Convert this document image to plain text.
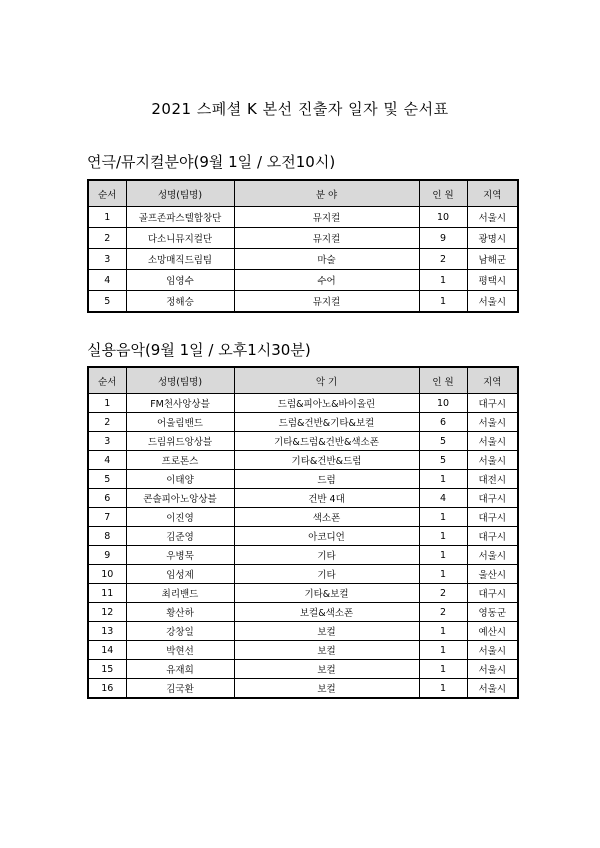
2021 스페셜 K 본선 진출자 일자 및 순서표
연극/뮤지컬분야(9월 1일 / 오전10시)
순서	성명(팀명)	분 야	인 원	지역
1	골프존파스텔합창단	뮤지컬	10	서울시
2	다소니뮤지컬단	뮤지컬	9	광명시
3	소망매직드림팀	마술	2	남해군
4	임영수	수어	1	평택시
5	정해승	뮤지컬	1	서울시
실용음악(9월 1일 / 오후1시30분)
순서	성명(팀명)	악 기	인 원	지역
1	FM천사앙상블	드럼&피아노&바이올린	10	대구시
2	어울림밴드	드럼&건반&기타&보컬	6	서울시
3	드림위드앙상블	기타&드럼&건반&색소폰	5	서울시
4	프로톤스	기타&건반&드럼	5	서울시
5	이태양	드럼	1	대전시
6	콘솔피아노앙상블	건반 4대	4	대구시
7	이진영	색소폰	1	대구시
8	김준영	아코디언	1	대구시
9	우병묵	기타	1	서울시
10	임성제	기타	1	울산시
11	최리밴드	기타&보컬	2	대구시
12	황산하	보컬&색소폰	2	영동군
13	강창일	보컬	1	예산시
14	박현선	보컬	1	서울시
15	유재희	보컬	1	서울시
16	김국환	보컬	1	서울시
